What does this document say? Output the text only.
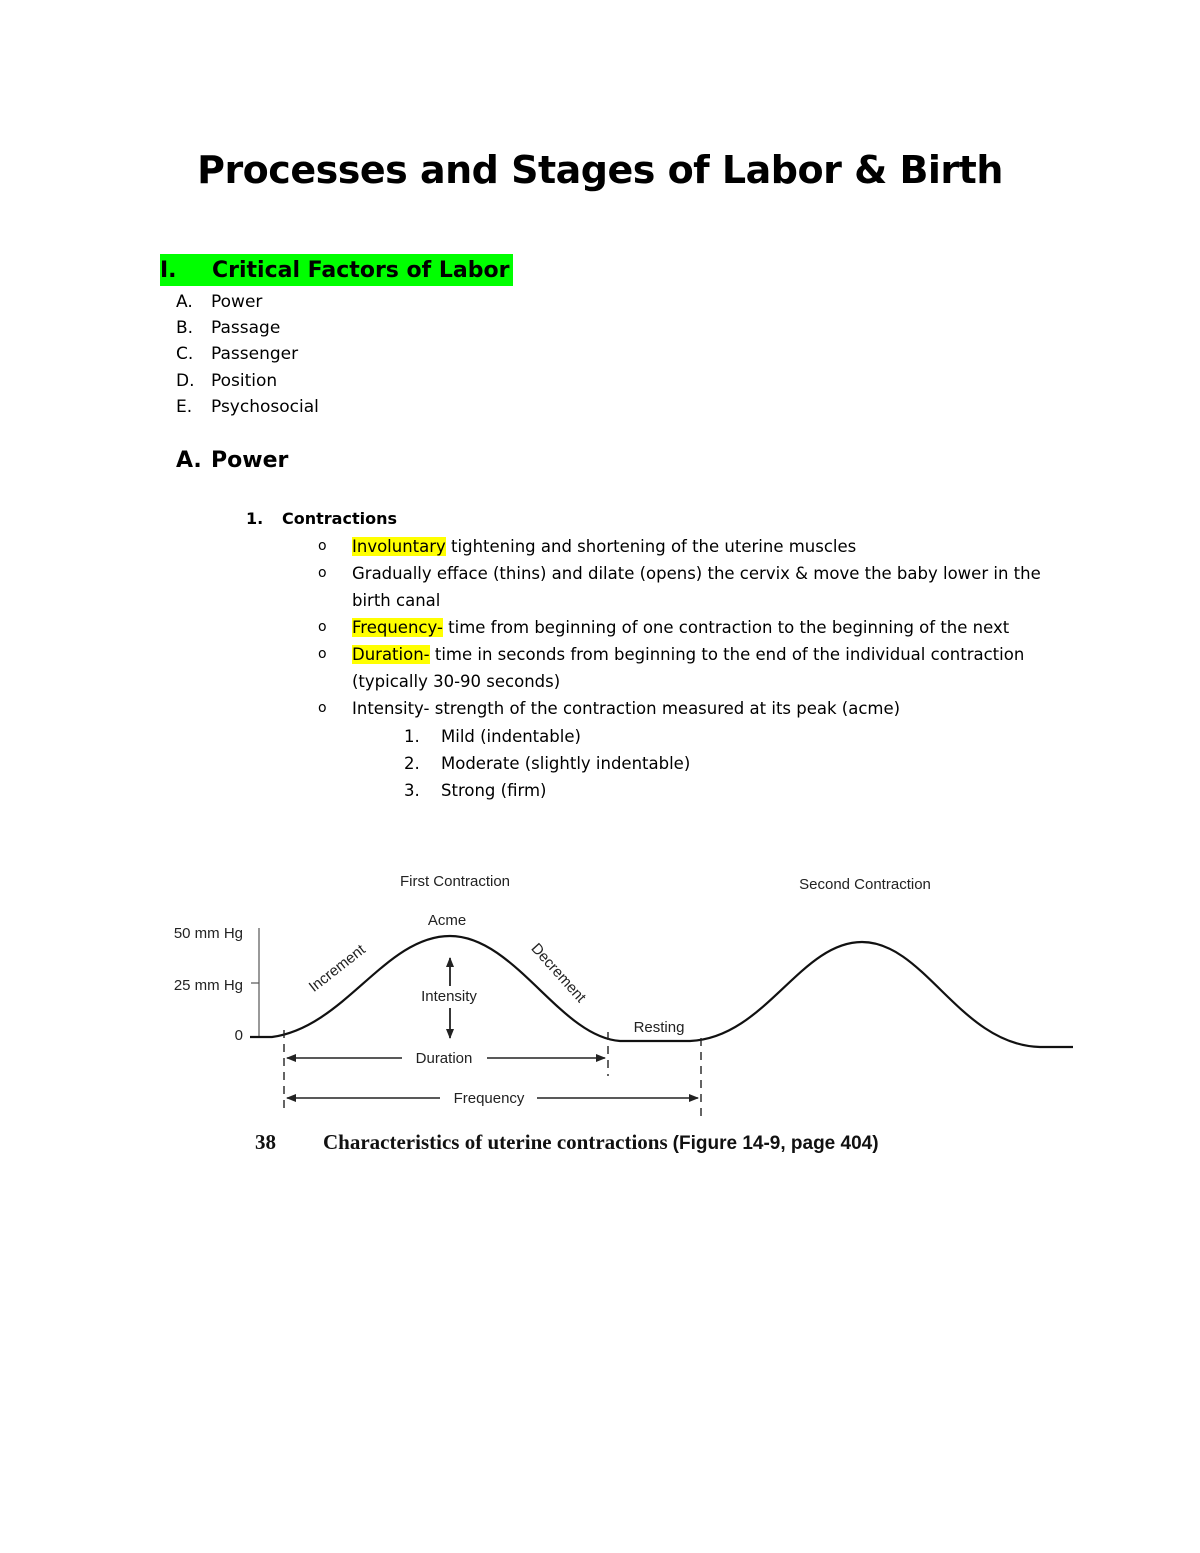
Processes and Stages of Labor & Birth
I.	Critical Factors of Labor
A.	Power
B.	Passage
C.	Passenger
D. Position
E.	Psychosocial
A. Power
1. Contractions
o	Involuntary tightening and shortening of the uterine muscles
o	Gradually efface (thins) and dilate (opens) the cervix & move the baby lower in the birth canal
o	Frequency- time from beginning of one contraction to the beginning of the next
o	Duration- time in seconds from beginning to the end of the individual contraction (typically 30-90 seconds)
o	Intensity- strength of the contraction measured at its peak (acme)
1. Mild (indentable)
2. Moderate (slightly indentable)
3. Strong (firm)
First Contraction	Second Contraction
50 mm Hg
25 mm Hg
0
Acme
Increment	Decrement
Intensity
Resting
Duration
Frequency
38 Characteristics of uterine contractions (Figure 14-9, page 404)
